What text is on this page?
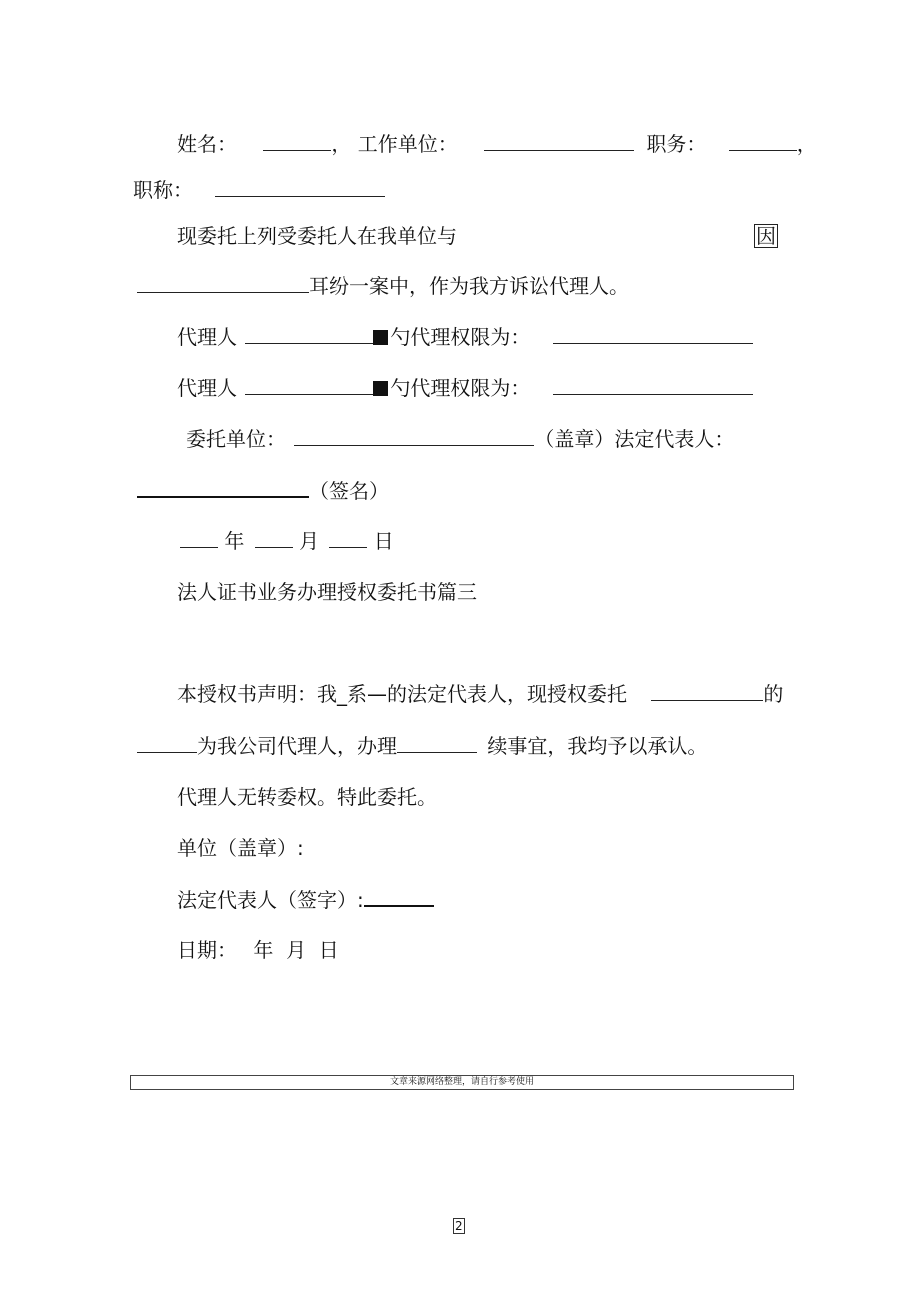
姓名：	， 工作单位：	职务：	，
职称：
现委托上列受委托人在我单位与	因
耳纷一案中，作为我方诉讼代理人。
代理人	勺代理权限为：
代理人	勺代理权限为：
委托单位：	（盖章）法定代表人：
（签名）
年	月	日
法人证书业务办理授权委托书篇三
本授权书声明：我_系—的法定代表人，现授权委托	的
为我公司代理人，办理	续事宜，我均予以承认。
代理人无转委权。特此委托。
单位（盖章）:
法定代表人（签字）:
日期： 年  月  日
文章来源网络整理，请自行参考使用
2
